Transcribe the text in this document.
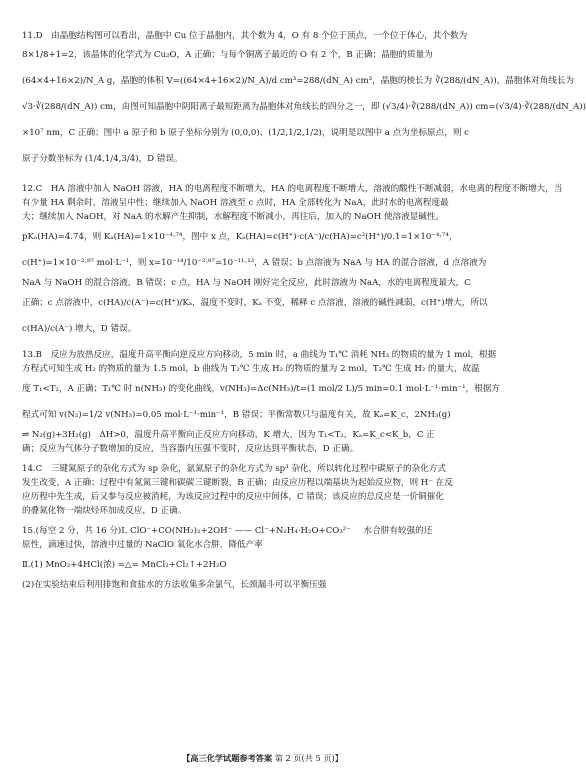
11.D　由晶胞结构图可以看出，晶胞中 Cu 位于晶胞内，其个数为 4，O 有 8 个位于顶点，一个位于体心，其个数为
8×1/8+1=2，该晶体的化学式为 Cu₂O，A 正确；与每个铜离子最近的 O 有 2 个，B 正确；晶胞的质量为
(64×4+16×2)/N_A g，晶胞的体积 V=((64×4+16×2)/N_A)/d cm³=288/(dN_A) cm³，晶胞的棱长为 ∛(288/(dN_A))，晶胞体对角线长为
√3·∛(288/(dN_A)) cm，由图可知晶胞中阴阳离子最短距离为晶胞体对角线长的四分之一，即 (√3/4)·∛(288/(dN_A)) cm=(√3/4)·∛(288/(dN_A))
×10⁷ nm，C 正确；图中 a 原子和 b 原子坐标分别为 (0,0,0)、(1/2,1/2,1/2)，说明是以图中 a 点为坐标原点，则 c
原子分数坐标为 (1/4,1/4,3/4)，D 错误。
12.C　HA 溶液中加入 NaOH 溶液，HA 的电离程度不断增大，HA 的电离程度不断增大，溶液的酸性不断减弱，水电离的程度不断增大，当
有少量 HA 剩余时，溶液呈中性；继续加入 NaOH 溶液至 c 点时，HA 全部转化为 NaA，此时水的电离程度最
大；继续加入 NaOH，对 NaA 的水解产生抑制，水解程度不断减小，再往后，加入的 NaOH 使溶液显碱性。
pKₐ(HA)=4.74，则 Kₐ(HA)=1×10⁻⁴·⁷⁴，图中 x 点，Kₐ(HA)=c(H⁺)·c(A⁻)/c(HA)=c²(H⁺)/0.1=1×10⁻⁴·⁷⁴，
c(H⁺)=1×10⁻²·⁸⁷ mol·L⁻¹，则 x=10⁻¹⁴/10⁻²·⁸⁷=10⁻¹¹·¹³，A 错误；b 点溶液为 NaA 与 HA 的混合溶液，d 点溶液为
NaA 与 NaOH 的混合溶液，B 错误；c 点，HA 与 NaOH 刚好完全反应，此时溶液为 NaA，水的电离程度最大，C
正确；c 点溶液中，c(HA)/c(A⁻)=c(H⁺)/Kₐ，温度不变时，Kₐ 不变，稀释 c 点溶液，溶液的碱性减弱，c(H⁺)增大，所以
c(HA)/c(A⁻) 增大，D 错误。
13.B　反应为放热反应，温度升高平衡向逆反应方向移动，5 min 时，a 曲线为 T₁℃ 消耗 NH₃ 的物质的量为 1 mol，根据
方程式可知生成 H₂ 的物质的量为 1.5 mol，b 曲线为 T₂℃ 生成 H₂ 的物质的量为 2 mol，T₂℃ 生成 H₂ 的量大，故温
度 T₁<T₂，A 正确；T₁℃ 时 n(NH₃) 的变化曲线，v(NH₃)=Δc(NH₃)/t=(1 mol/2 L)/5 min=0.1 mol·L⁻¹·min⁻¹，根据方
程式可知 v(N₂)=1/2 v(NH₃)=0.05 mol·L⁻¹·min⁻¹，B 错误；平衡常数只与温度有关，故 Kₐ=K_c，2NH₃(g)
⇌ N₂(g)+3H₂(g)　ΔH>0，温度升高平衡向正反应方向移动，K 增大，因为 T₁<T₂，Kₐ=K_c<K_b，C 正
确；反应为气体分子数增加的反应，当容器内压强不变时，反应达到平衡状态，D 正确。
14.C　三键氮原子的杂化方式为 sp 杂化，氨氮原子的杂化方式为 sp³ 杂化，所以转化过程中碳原子的杂化方式
发生改变，A 正确；过程中有氮氮三键和碳碳三键断裂，B 正确；由反应历程以端基块为起始反应物，则 H⁻ 在反
应历程中先生成，后又参与反应被消耗，为该反应过程中的反应中间体，C 错误；该反应的总反应是一价铜催化
的叠氮化物一端炔烃环加成反应，D 正确。
15.(每空 2 分，共 16 分)Ⅰ. ClO⁻+CO(NH₂)₂+2OH⁻ —— Cl⁻+N₂H₄·H₂O+CO₃²⁻ 水合肼有较强的还
原性，滴速过快，溶液中过量的 NaClO 氧化水合肼，降低产率
Ⅱ.(1) MnO₂+4HCl(浓) =△= MnCl₂+Cl₂↑+2H₂O
(2)在实验结束后利用排饱和食盐水的方法收集多余氯气，长颈漏斗可以平衡压强
【高三化学试题参考答案 第 2 页(共 5 页)】
